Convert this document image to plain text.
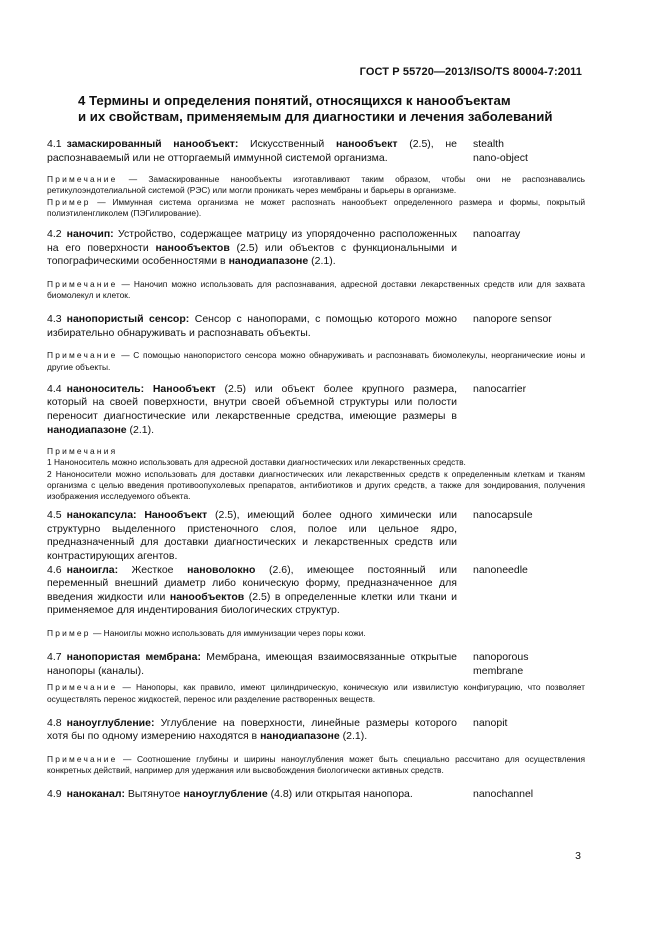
ГОСТ Р 55720—2013/ISO/TS 80004-7:2011
4 Термины и определения понятий, относящихся к нанообъектам
и их свойствам, применяемым для диагностики и лечения заболеваний
4.1 замаскированный нанообъект: Искусственный нанообъект (2.5), не распознаваемый или не отторгаемый иммунной системой организма.
stealth
nano-object
Примечание — Замаскированные нанообъекты изготавливают таким образом, чтобы они не распознавались ретикулоэндотелиальной системой (РЭС) или могли проникать через мембраны и барьеры в организме.
Пример — Иммунная система организма не может распознать нанообъект определенного размера и формы, покрытый полиэтиленгликолем (ПЭГилирование).
4.2 наночип: Устройство, содержащее матрицу из упорядоченно расположенных на его поверхности нанообъектов (2.5) или объектов с функциональными и топографическими особенностями в нанодиапазоне (2.1).
nanoarray
Примечание — Наночип можно использовать для распознавания, адресной доставки лекарственных средств или для захвата биомолекул и клеток.
4.3 нанопористый сенсор: Сенсор с нанопорами, с помощью которого можно избирательно обнаруживать и распознавать объекты.
nanopore sensor
Примечание — С помощью нанопористого сенсора можно обнаруживать и распознавать биомолекулы, неорганические ионы и другие объекты.
4.4 наноноситель: Нанообъект (2.5) или объект более крупного размера, который на своей поверхности, внутри своей объемной структуры или полости переносит диагностические или лекарственные средства, имеющие размеры в нанодиапазоне (2.1).
nanocarrier
Примечания
1 Наноноситель можно использовать для адресной доставки диагностических или лекарственных средств.
2 Наноносители можно использовать для доставки диагностических или лекарственных средств к определенным клеткам и тканям организма с целью введения противоопухолевых препаратов, антибиотиков и других средств, а также для зондирования, получения изображения исследуемого объекта.
4.5 нанокапсула: Нанообъект (2.5), имеющий более одного химически или структурно выделенного пристеночного слоя, полое или цельное ядро, предназначенный для доставки диагностических и лекарственных средств или контрастирующих агентов.
nanocapsule
4.6 наноигла: Жесткое нановолокно (2.6), имеющее постоянный или переменный внешний диаметр либо коническую форму, предназначенное для введения жидкости или нанообъектов (2.5) в определенные клетки или ткани и применяемое для индентирования биологических структур.
nanoneedle
Пример — Наноиглы можно использовать для иммунизации через поры кожи.
4.7 нанопористая мембрана: Мембрана, имеющая взаимосвязанные открытые нанопоры (каналы).
nanoporous
membrane
Примечание — Нанопоры, как правило, имеют цилиндрическую, коническую или извилистую конфигурацию, что позволяет осуществлять перенос жидкостей, перенос или разделение растворенных веществ.
4.8 наноуглубление: Углубление на поверхности, линейные размеры которого хотя бы по одному измерению находятся в нанодиапазоне (2.1).
nanopit
Примечание — Соотношение глубины и ширины наноуглубления может быть специально рассчитано для осуществления конкретных действий, например для удержания или высвобождения биологически активных средств.
4.9 наноканал: Вытянутое наноуглубление (4.8) или открытая нанопора.	nanochannel
3
